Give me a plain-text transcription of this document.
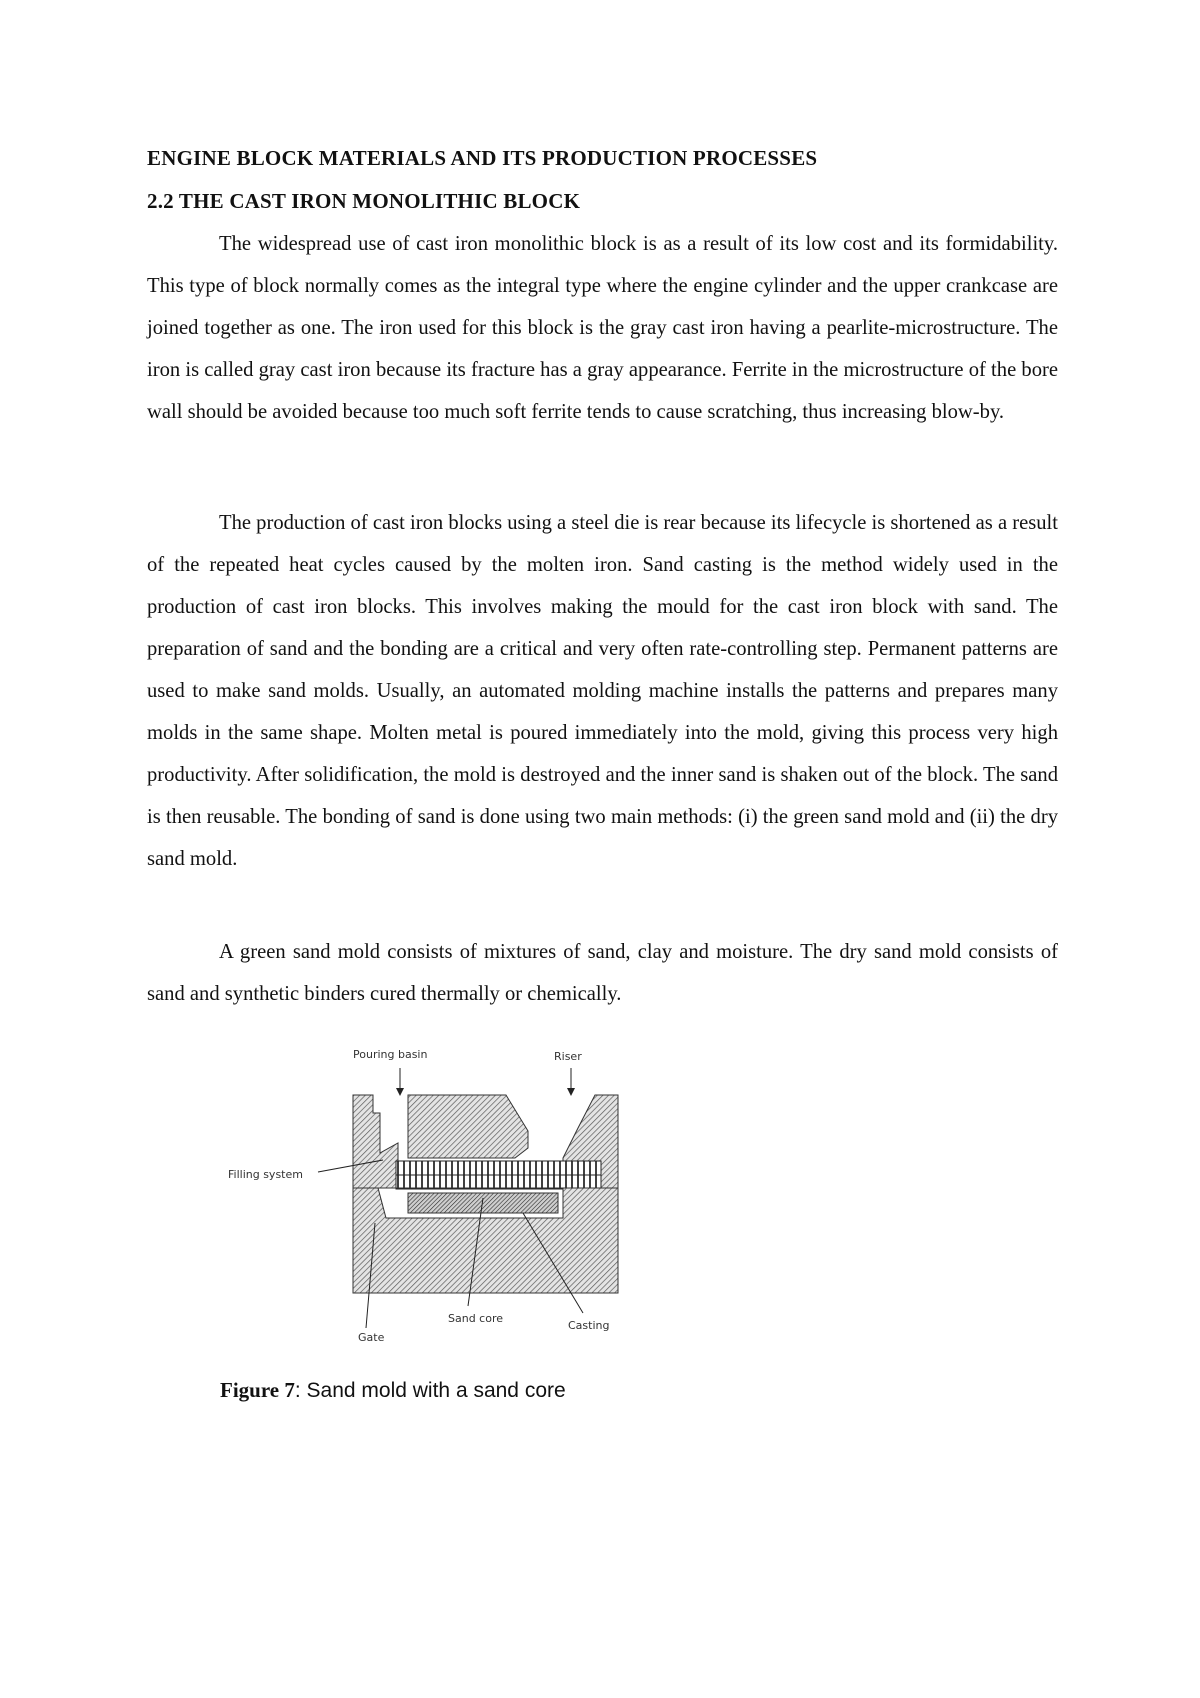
ENGINE BLOCK MATERIALS AND ITS PRODUCTION PROCESSES
2.2 THE CAST IRON MONOLITHIC BLOCK

The widespread use of cast iron monolithic block is as a result of its low cost and its formidability. This type of block normally comes as the integral type where the engine cylinder and the upper crankcase are joined together as one. The iron used for this block is the gray cast iron having a pearlite-microstructure. The iron is called gray cast iron because its fracture has a gray appearance. Ferrite in the microstructure of the bore wall should be avoided because too much soft ferrite tends to cause scratching, thus increasing blow-by.

The production of cast iron blocks using a steel die is rear because its lifecycle is shortened as a result of the repeated heat cycles caused by the molten iron. Sand casting is the method widely used in the production of cast iron blocks. This involves making the mould for the cast iron block with sand. The preparation of sand and the bonding are a critical and very often rate-controlling step. Permanent patterns are used to make sand molds. Usually, an automated molding machine installs the patterns and prepares many molds in the same shape. Molten metal is poured immediately into the mold, giving this process very high productivity. After solidification, the mold is destroyed and the inner sand is shaken out of the block. The sand is then reusable. The bonding of sand is done using two main methods: (i) the green sand mold and (ii) the dry sand mold.

A green sand mold consists of mixtures of sand, clay and moisture. The dry sand mold consists of sand and synthetic binders cured thermally or chemically.

Pouring basin	Riser
Filling system
Gate
Sand core
Casting

Figure 7: Sand mold with a sand core
